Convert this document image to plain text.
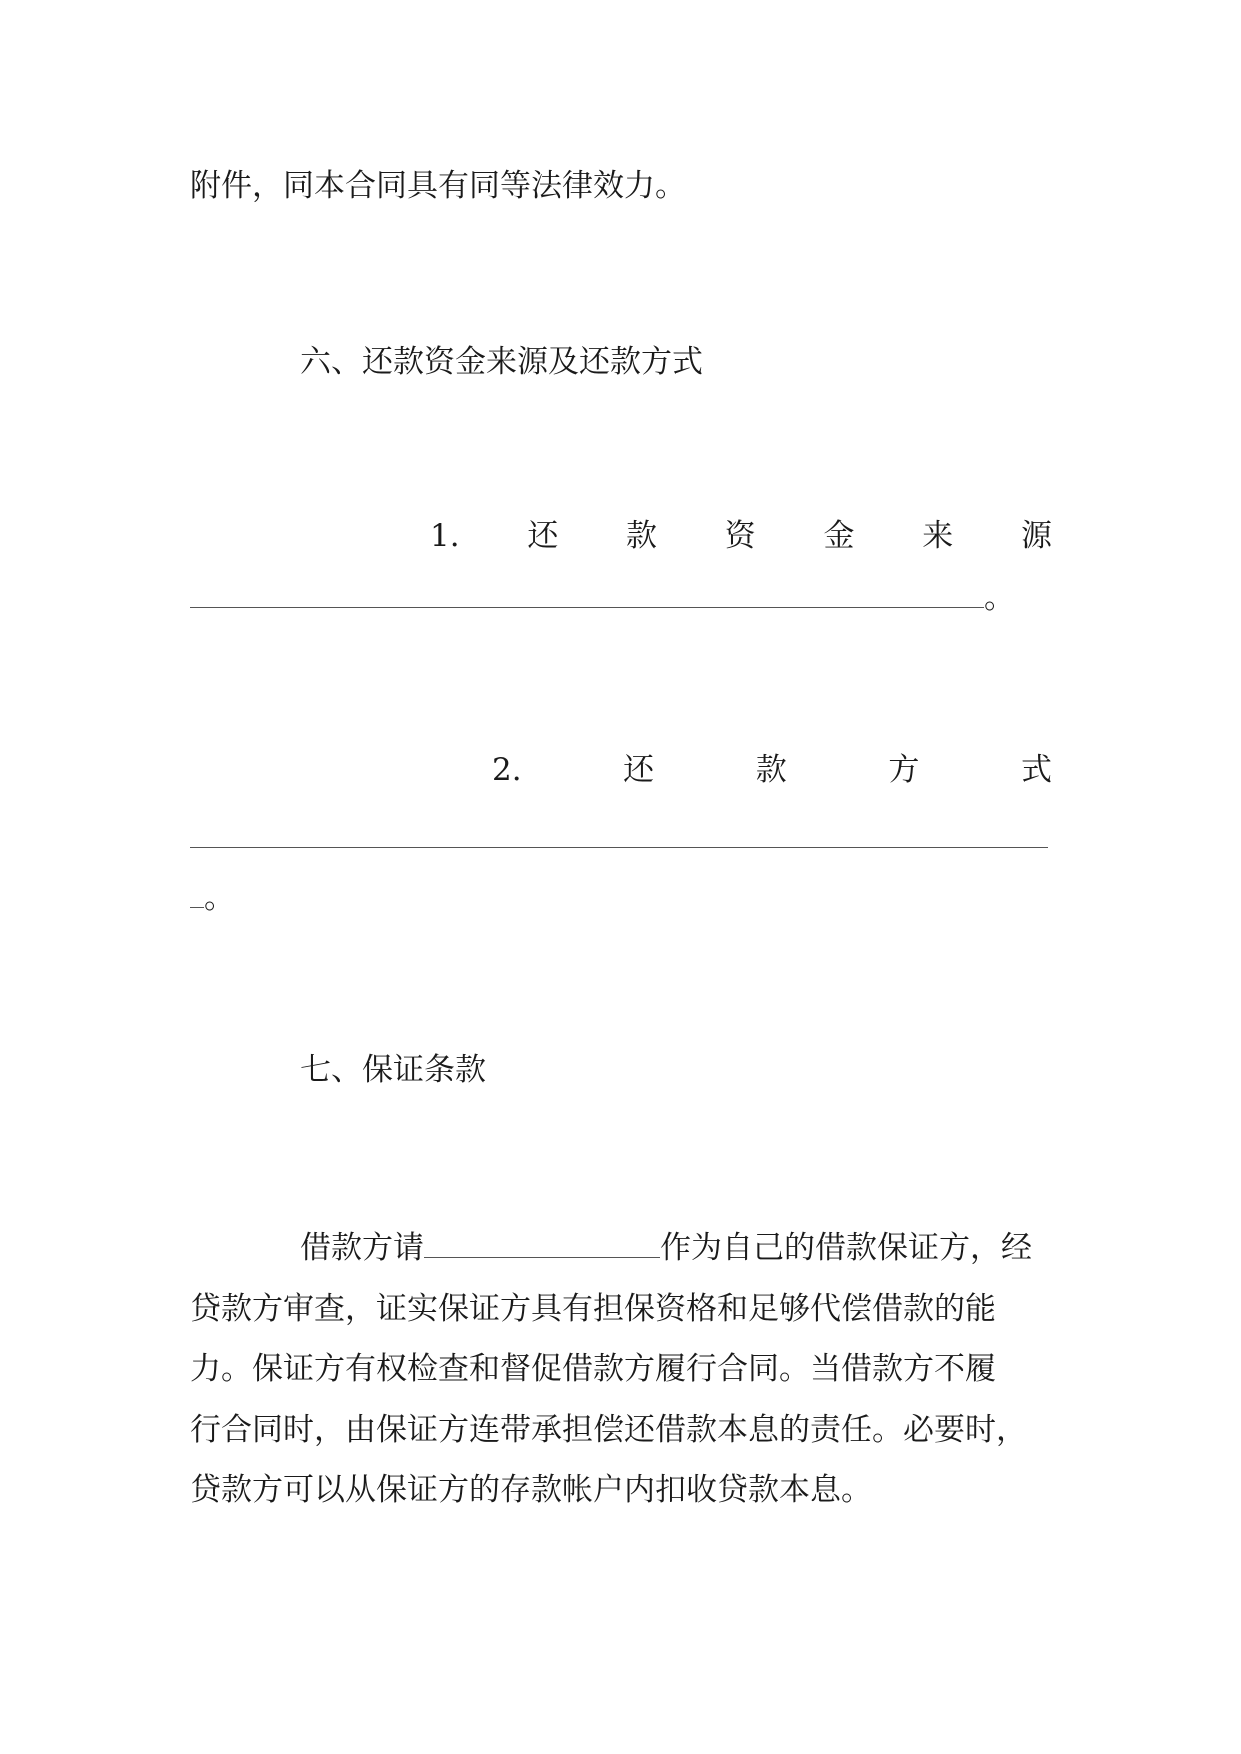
附件，同本合同具有同等法律效力。
六、还款资金来源及还款方式
1. 还 款 资 金 来 源
。
2.	还	款	方	式
。
七、保证条款
借款方请	作为自己的借款保证方，经
贷款方审查，证实保证方具有担保资格和足够代偿借款的能
力。保证方有权检查和督促借款方履行合同。当借款方不履
行合同时，由保证方连带承担偿还借款本息的责任。必要时，
贷款方可以从保证方的存款帐户内扣收贷款本息。
